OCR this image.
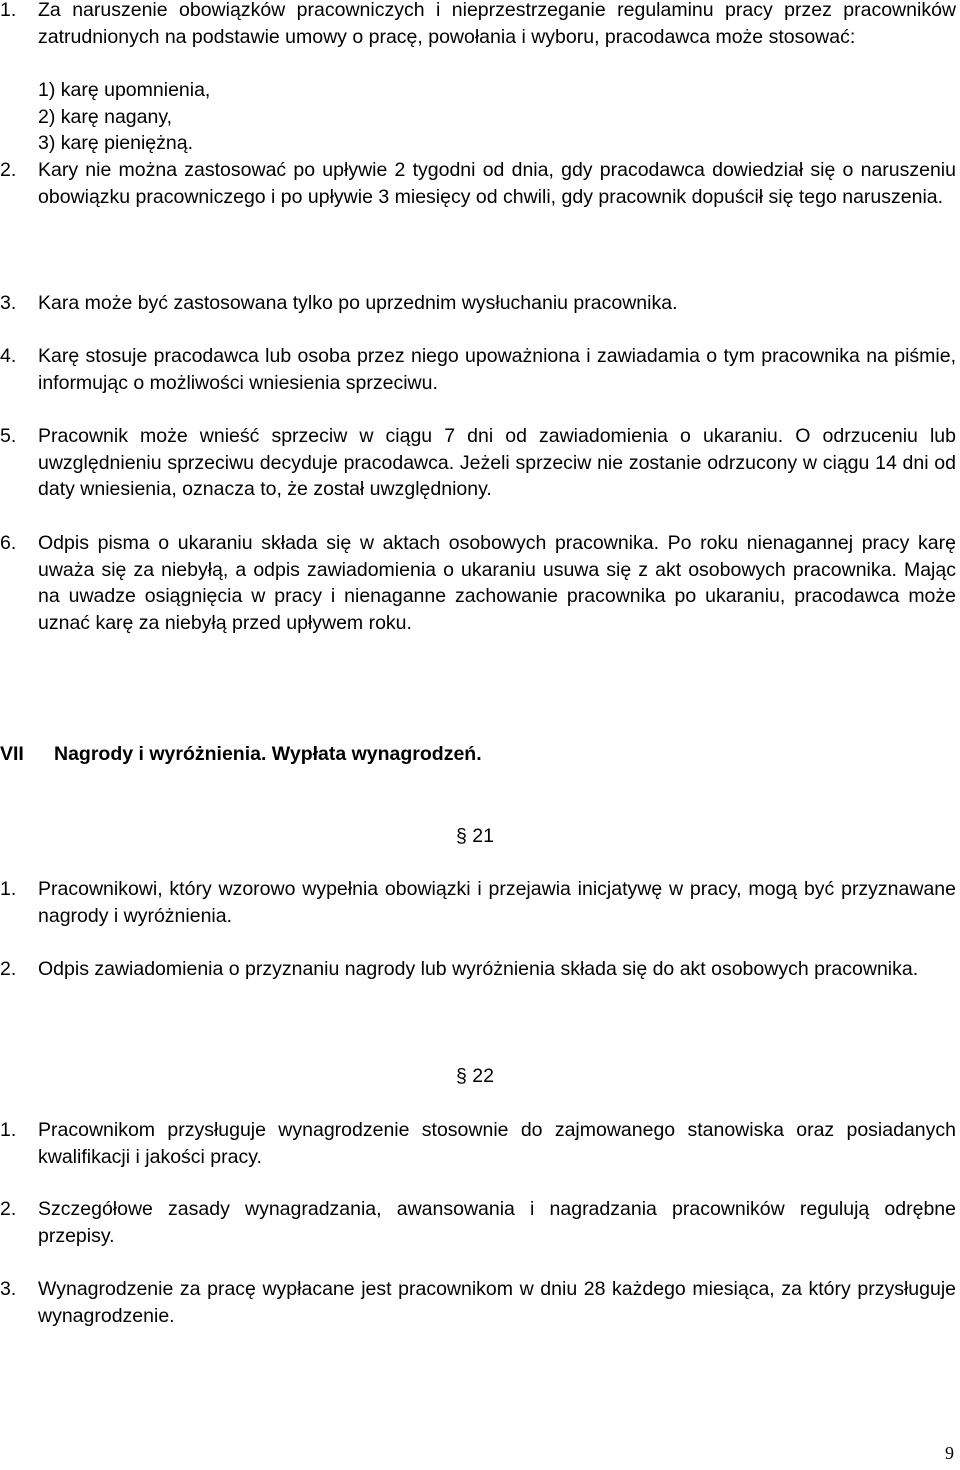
1.	Za naruszenie obowiązków pracowniczych i nieprzestrzeganie regulaminu pracy przez pracowników zatrudnionych na podstawie umowy o pracę, powołania i wyboru, pracodawca może stosować:
1) karę upomnienia,
2) karę nagany,
3) karę pieniężną.
2.	Kary nie można zastosować po upływie 2 tygodni od dnia, gdy pracodawca dowiedział się o naruszeniu obowiązku pracowniczego i po upływie 3 miesięcy od chwili, gdy pracownik dopuścił się tego naruszenia.
3.	Kara może być zastosowana tylko po uprzednim wysłuchaniu pracownika.
4.	Karę stosuje pracodawca lub osoba przez niego upoważniona i zawiadamia o tym pracownika na piśmie, informując o możliwości wniesienia sprzeciwu.
5.	Pracownik może wnieść sprzeciw w ciągu 7 dni od zawiadomienia o ukaraniu. O odrzuceniu lub uwzględnieniu sprzeciwu decyduje pracodawca. Jeżeli sprzeciw nie zostanie odrzucony w ciągu 14 dni od daty wniesienia, oznacza to, że został uwzględniony.
6.	Odpis pisma o ukaraniu składa się w aktach osobowych pracownika. Po roku nienagannej pracy karę uważa się za niebyłą, a odpis zawiadomienia o ukaraniu usuwa się z akt osobowych pracownika. Mając na uwadze osiągnięcia w pracy i nienaganne zachowanie pracownika po ukaraniu, pracodawca może uznać karę za niebyłą przed upływem roku.
VII Nagrody i wyróżnienia. Wypłata wynagrodzeń.
§ 21
1.	Pracownikowi, który wzorowo wypełnia obowiązki i przejawia inicjatywę w pracy, mogą być przyznawane nagrody i wyróżnienia.
2.	Odpis zawiadomienia o przyznaniu nagrody lub wyróżnienia składa się do akt osobowych pracownika.
§ 22
1.	Pracownikom przysługuje wynagrodzenie stosownie do zajmowanego stanowiska oraz posiadanych kwalifikacji i jakości pracy.
2.	Szczegółowe zasady wynagradzania, awansowania i nagradzania pracowników regulują odrębne przepisy.
3.	Wynagrodzenie za pracę wypłacane jest pracownikom w dniu 28 każdego miesiąca, za który przysługuje wynagrodzenie.
9
